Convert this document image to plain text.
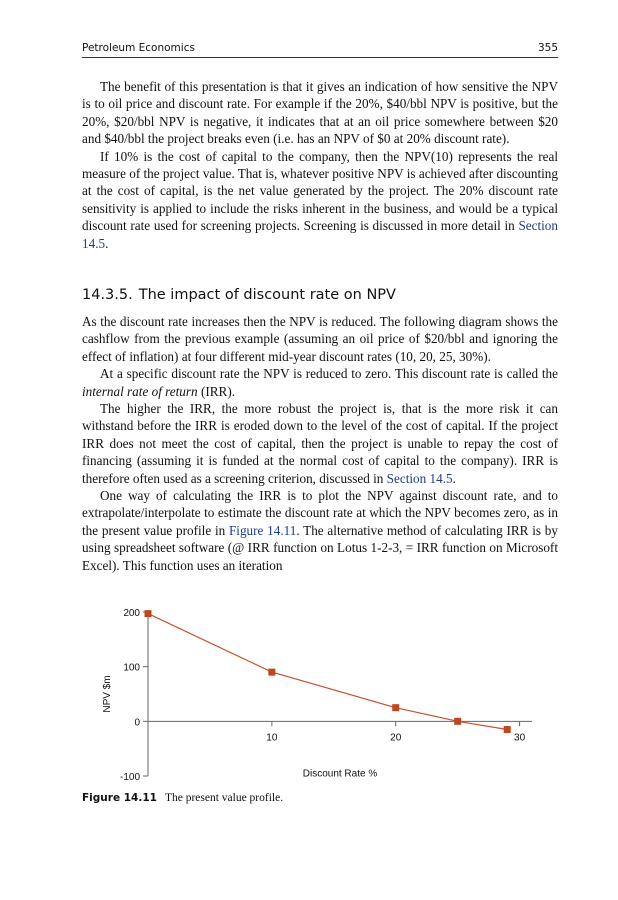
Petroleum Economics	355

The benefit of this presentation is that it gives an indication of how sensitive the NPV is to oil price and discount rate. For example if the 20%, $40/bbl NPV is positive, but the 20%, $20/bbl NPV is negative, it indicates that at an oil price somewhere between $20 and $40/bbl the project breaks even (i.e. has an NPV of $0 at 20% discount rate).

If 10% is the cost of capital to the company, then the NPV(10) represents the real measure of the project value. That is, whatever positive NPV is achieved after discounting at the cost of capital, is the net value generated by the project. The 20% discount rate sensitivity is applied to include the risks inherent in the business, and would be a typical discount rate used for screening projects. Screening is discussed in more detail in Section 14.5.

14.3.5. The impact of discount rate on NPV

As the discount rate increases then the NPV is reduced. The following diagram shows the cashflow from the previous example (assuming an oil price of $20/bbl and ignoring the effect of inflation) at four different mid-year discount rates (10, 20, 25, 30%).

At a specific discount rate the NPV is reduced to zero. This discount rate is called the internal rate of return (IRR).

The higher the IRR, the more robust the project is, that is the more risk it can withstand before the IRR is eroded down to the level of the cost of capital. If the project IRR does not meet the cost of capital, then the project is unable to repay the cost of financing (assuming it is funded at the normal cost of capital to the company). IRR is therefore often used as a screening criterion, discussed in Section 14.5.

One way of calculating the IRR is to plot the NPV against discount rate, and to extrapolate/interpolate to estimate the discount rate at which the NPV becomes zero, as in the present value profile in Figure 14.11. The alternative method of calculating IRR is by using spreadsheet software (@ IRR function on Lotus 1-2-3, = IRR function on Microsoft Excel). This function uses an iteration

200
100
0
-100
10	20	30
NPV $m
Discount Rate %
Figure 14.11 The present value profile.
